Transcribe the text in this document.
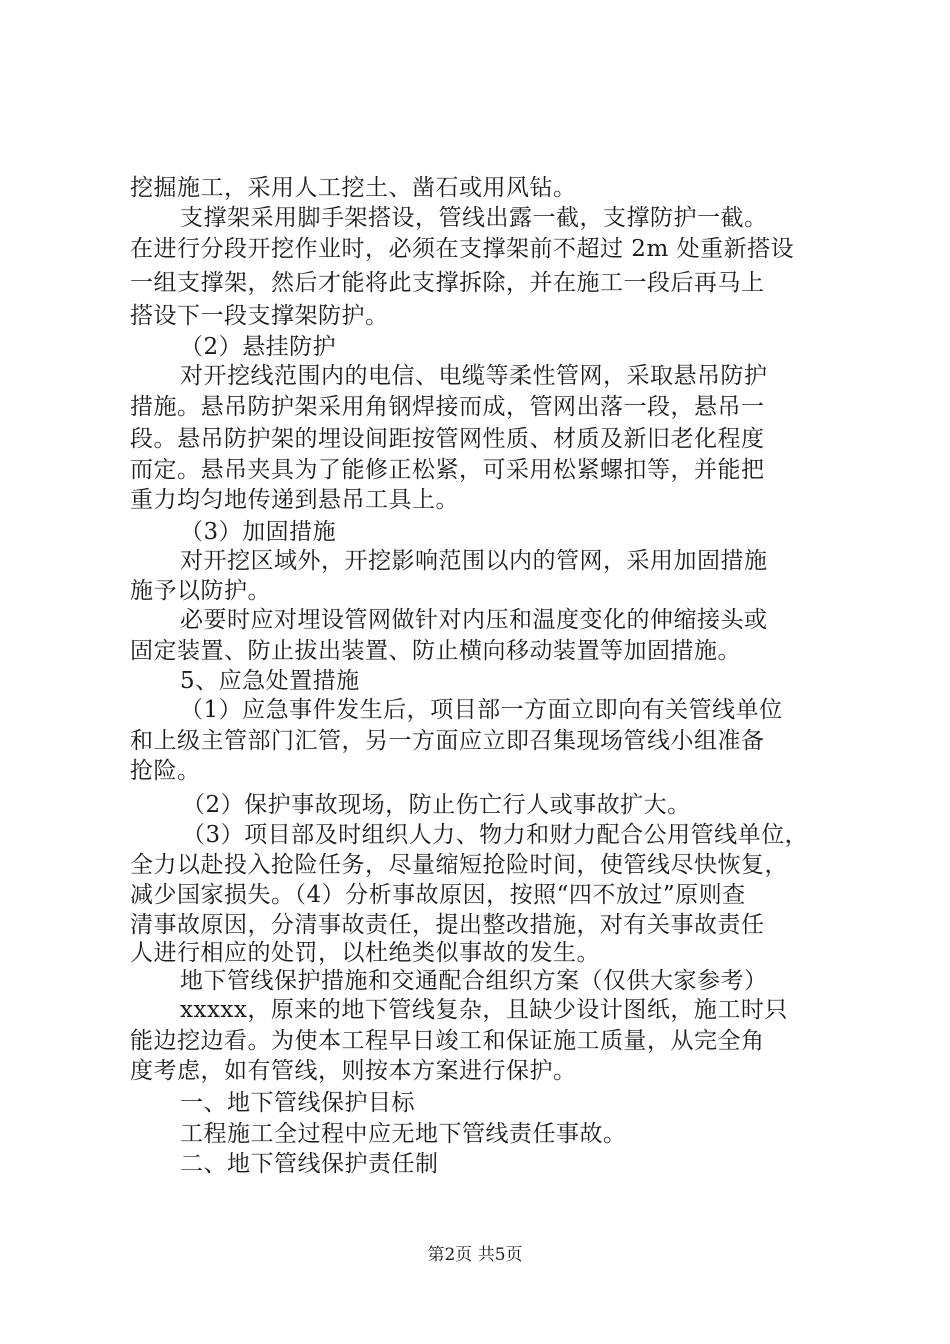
挖掘施工，采用人工挖土、凿石或用风钻。
支撑架采用脚手架搭设，管线出露一截，支撑防护一截。
在进行分段开挖作业时，必须在支撑架前不超过 2m 处重新搭设
一组支撑架，然后才能将此支撑拆除，并在施工一段后再马上
搭设下一段支撑架防护。
（2）悬挂防护
对开挖线范围内的电信、电缆等柔性管网，采取悬吊防护
措施。悬吊防护架采用角钢焊接而成，管网出落一段，悬吊一
段。悬吊防护架的埋设间距按管网性质、材质及新旧老化程度
而定。悬吊夹具为了能修正松紧，可采用松紧螺扣等，并能把
重力均匀地传递到悬吊工具上。
（3）加固措施
对开挖区域外，开挖影响范围以内的管网，采用加固措施
施予以防护。
必要时应对埋设管网做针对内压和温度变化的伸缩接头或
固定装置、防止拔出装置、防止横向移动装置等加固措施。
5、应急处置措施
（1）应急事件发生后，项目部一方面立即向有关管线单位
和上级主管部门汇管，另一方面应立即召集现场管线小组准备
抢险。
（2）保护事故现场，防止伤亡行人或事故扩大。
（3）项目部及时组织人力、物力和财力配合公用管线单位，
全力以赴投入抢险任务，尽量缩短抢险时间，使管线尽快恢复，
减少国家损失。（4）分析事故原因，按照“四不放过”原则查
清事故原因，分清事故责任，提出整改措施，对有关事故责任
人进行相应的处罚，以杜绝类似事故的发生。
地下管线保护措施和交通配合组织方案（仅供大家参考）
xxxxx，原来的地下管线复杂，且缺少设计图纸，施工时只
能边挖边看。为使本工程早日竣工和保证施工质量，从完全角
度考虑，如有管线，则按本方案进行保护。
一、地下管线保护目标
工程施工全过程中应无地下管线责任事故。
二、地下管线保护责任制
第2页 共5页
